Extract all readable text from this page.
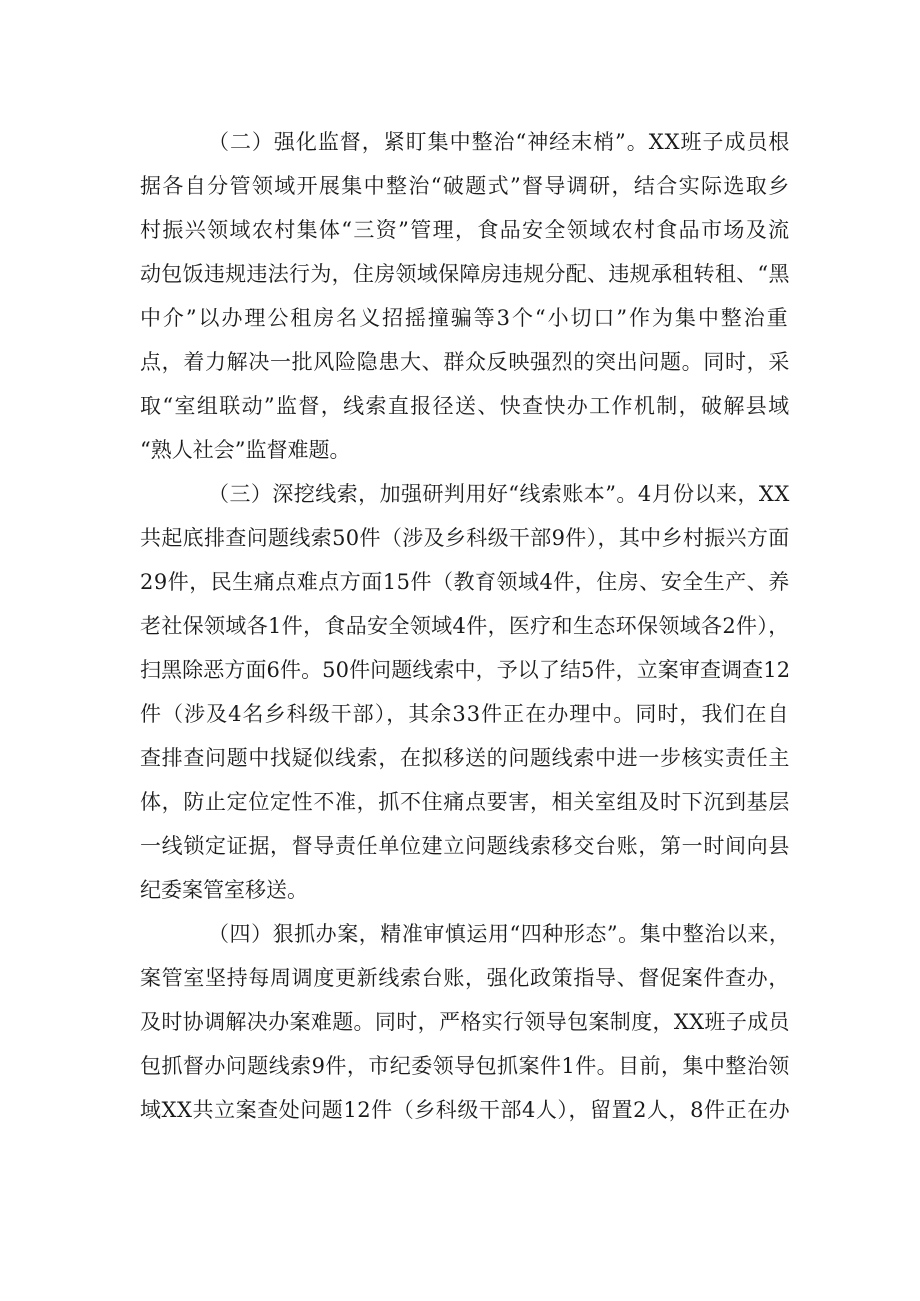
（二）强化监督，紧盯集中整治“神经末梢”。XX班子成员根

据各自分管领域开展集中整治“破题式”督导调研，结合实际选取乡

村振兴领域农村集体“三资”管理，食品安全领域农村食品市场及流

动包饭违规违法行为，住房领域保障房违规分配、违规承租转租、“黑

中介”以办理公租房名义招摇撞骗等3个“小切口”作为集中整治重

点，着力解决一批风险隐患大、群众反映强烈的突出问题。同时，采

取“室组联动”监督，线索直报径送、快查快办工作机制，破解县域

“熟人社会”监督难题。

（三）深挖线索，加强研判用好“线索账本”。4月份以来，XX

共起底排查问题线索50件（涉及乡科级干部9件），其中乡村振兴方面

29件，民生痛点难点方面15件（教育领域4件，住房、安全生产、养

老社保领域各1件，食品安全领域4件，医疗和生态环保领域各2件），

扫黑除恶方面6件。50件问题线索中，予以了结5件，立案审查调查12

件（涉及4名乡科级干部），其余33件正在办理中。同时，我们在自

查排查问题中找疑似线索，在拟移送的问题线索中进一步核实责任主

体，防止定位定性不准，抓不住痛点要害，相关室组及时下沉到基层

一线锁定证据，督导责任单位建立问题线索移交台账，第一时间向县

纪委案管室移送。

（四）狠抓办案，精准审慎运用“四种形态”。集中整治以来，

案管室坚持每周调度更新线索台账，强化政策指导、督促案件查办，

及时协调解决办案难题。同时，严格实行领导包案制度，XX班子成员

包抓督办问题线索9件，市纪委领导包抓案件1件。目前，集中整治领

域XX共立案查处问题12件（乡科级干部4人），留置2人，8件正在办
